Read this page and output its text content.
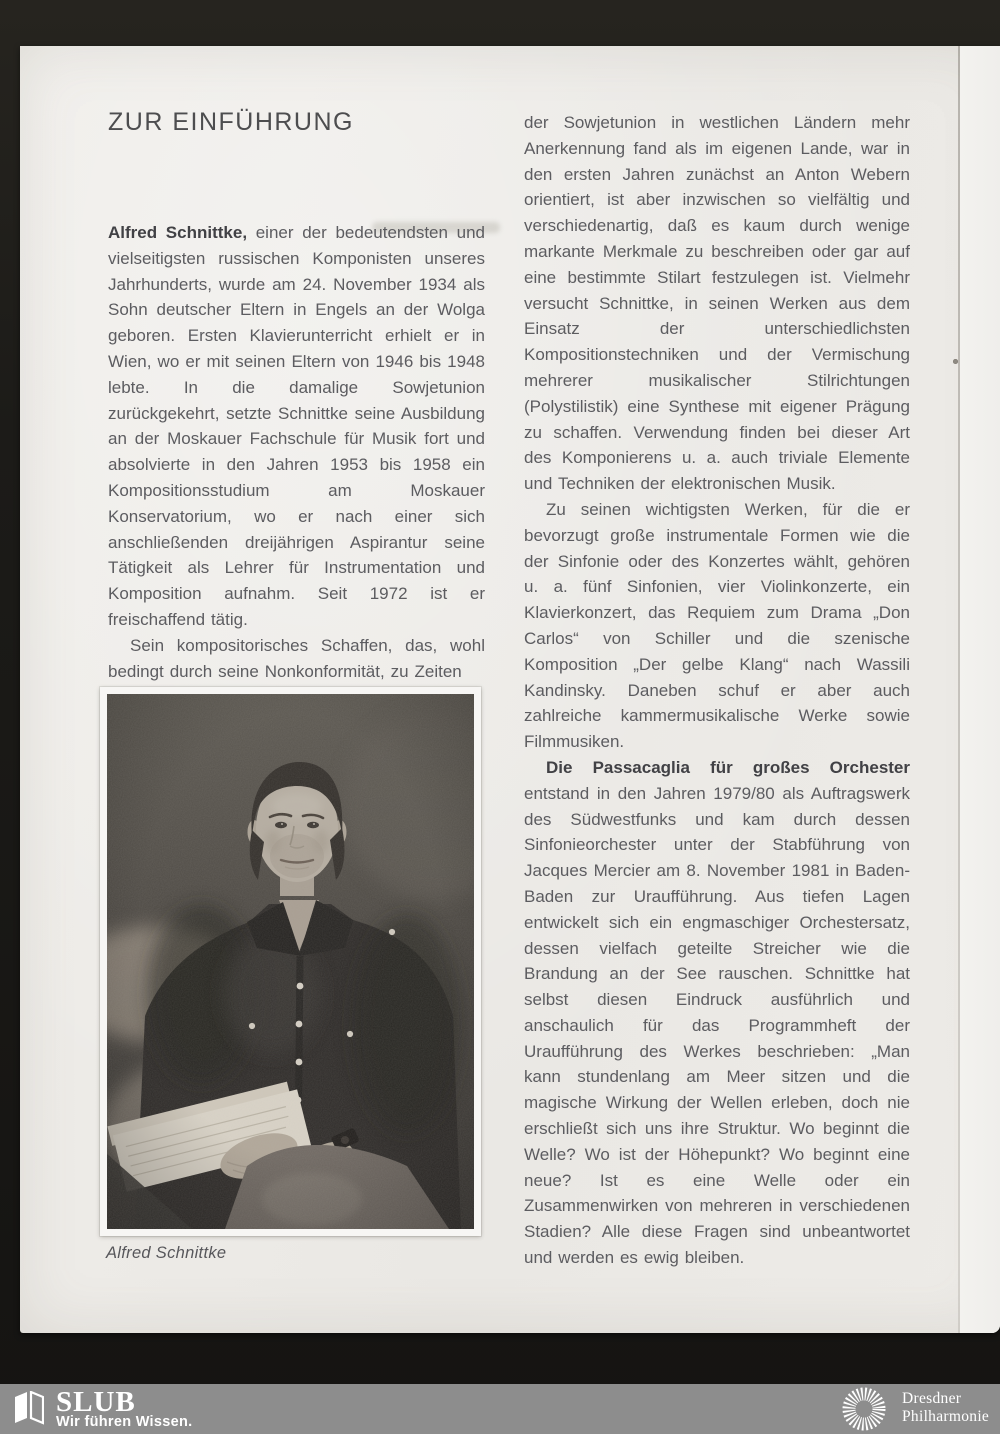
ZUR EINFÜHRUNG

Alfred Schnittke, einer der bedeutendsten und vielseitigsten russischen Komponisten unseres Jahrhunderts, wurde am 24. November 1934 als Sohn deutscher Eltern in Engels an der Wolga geboren. Ersten Klavierunterricht erhielt er in Wien, wo er mit seinen Eltern von 1946 bis 1948 lebte. In die damalige Sowjetunion zurückgekehrt, setzte Schnittke seine Ausbildung an der Moskauer Fachschule für Musik fort und absolvierte in den Jahren 1953 bis 1958 ein Kompositionsstudium am Moskauer Konservatorium, wo er nach einer sich anschließenden dreijährigen Aspirantur seine Tätigkeit als Lehrer für Instrumentation und Komposition aufnahm. Seit 1972 ist er freischaffend tätig.

Sein kompositorisches Schaffen, das, wohl bedingt durch seine Nonkonformität, zu Zeiten

der Sowjetunion in westlichen Ländern mehr Anerkennung fand als im eigenen Lande, war in den ersten Jahren zunächst an Anton Webern orientiert, ist aber inzwischen so vielfältig und verschiedenartig, daß es kaum durch wenige markante Merkmale zu beschreiben oder gar auf eine bestimmte Stilart festzulegen ist. Vielmehr versucht Schnittke, in seinen Werken aus dem Einsatz der unterschiedlichsten Kompositionstechniken und der Vermischung mehrerer musikalischer Stilrichtungen (Polystilistik) eine Synthese mit eigener Prägung zu schaffen. Verwendung finden bei dieser Art des Komponierens u. a. auch triviale Elemente und Techniken der elektronischen Musik.

Zu seinen wichtigsten Werken, für die er bevorzugt große instrumentale Formen wie die der Sinfonie oder des Konzertes wählt, gehören u. a. fünf Sinfonien, vier Violinkonzerte, ein Klavierkonzert, das Requiem zum Drama „Don Carlos“ von Schiller und die szenische Komposition „Der gelbe Klang“ nach Wassili Kandinsky. Daneben schuf er aber auch zahlreiche kammermusikalische Werke sowie Filmmusiken.

Die Passacaglia für großes Orchester entstand in den Jahren 1979/80 als Auftragswerk des Südwestfunks und kam durch dessen Sinfonieorchester unter der Stabführung von Jacques Mercier am 8. November 1981 in Baden-Baden zur Uraufführung. Aus tiefen Lagen entwickelt sich ein engmaschiger Orchestersatz, dessen vielfach geteilte Streicher wie die Brandung an der See rauschen. Schnittke hat selbst diesen Eindruck ausführlich und anschaulich für das Programmheft der Uraufführung des Werkes beschrieben: „Man kann stundenlang am Meer sitzen und die magische Wirkung der Wellen erleben, doch nie erschließt sich uns ihre Struktur. Wo beginnt die Welle? Wo ist der Höhepunkt? Wo beginnt eine neue? Ist es eine Welle oder ein Zusammenwirken von mehreren in verschiedenen Stadien? Alle diese Fragen sind unbeantwortet und werden es ewig bleiben.

Alfred Schnittke
SLUB
Wir führen Wissen.
Dresdner
Philharmonie
